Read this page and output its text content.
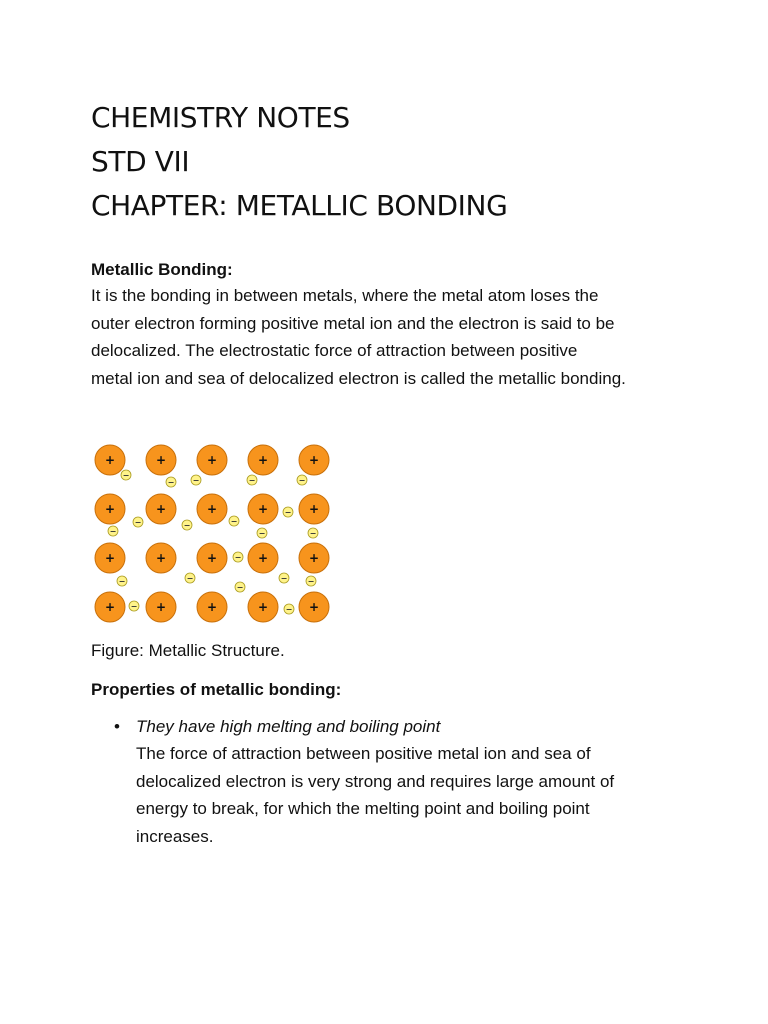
CHEMISTRY NOTES
STD VII
CHAPTER: METALLIC BONDING
Metallic Bonding:
It is the bonding in between metals, where the metal atom loses the
outer electron forming positive metal ion and the electron is said to be
delocalized. The electrostatic force of attraction between positive
metal ion and sea of delocalized electron is called the metallic bonding.
+	+	+	+	+
+	+	+	+	+
+	+	+	+	+
+	+	+	+	+
−
− −	−	−
−
−	−	−
−
−
−
−
−	−
−
−	−
−	−
Figure: Metallic Structure.
Properties of metallic bonding:
• They have high melting and boiling point
The force of attraction between positive metal ion and sea of
delocalized electron is very strong and requires large amount of
energy to break, for which the melting point and boiling point
increases.
